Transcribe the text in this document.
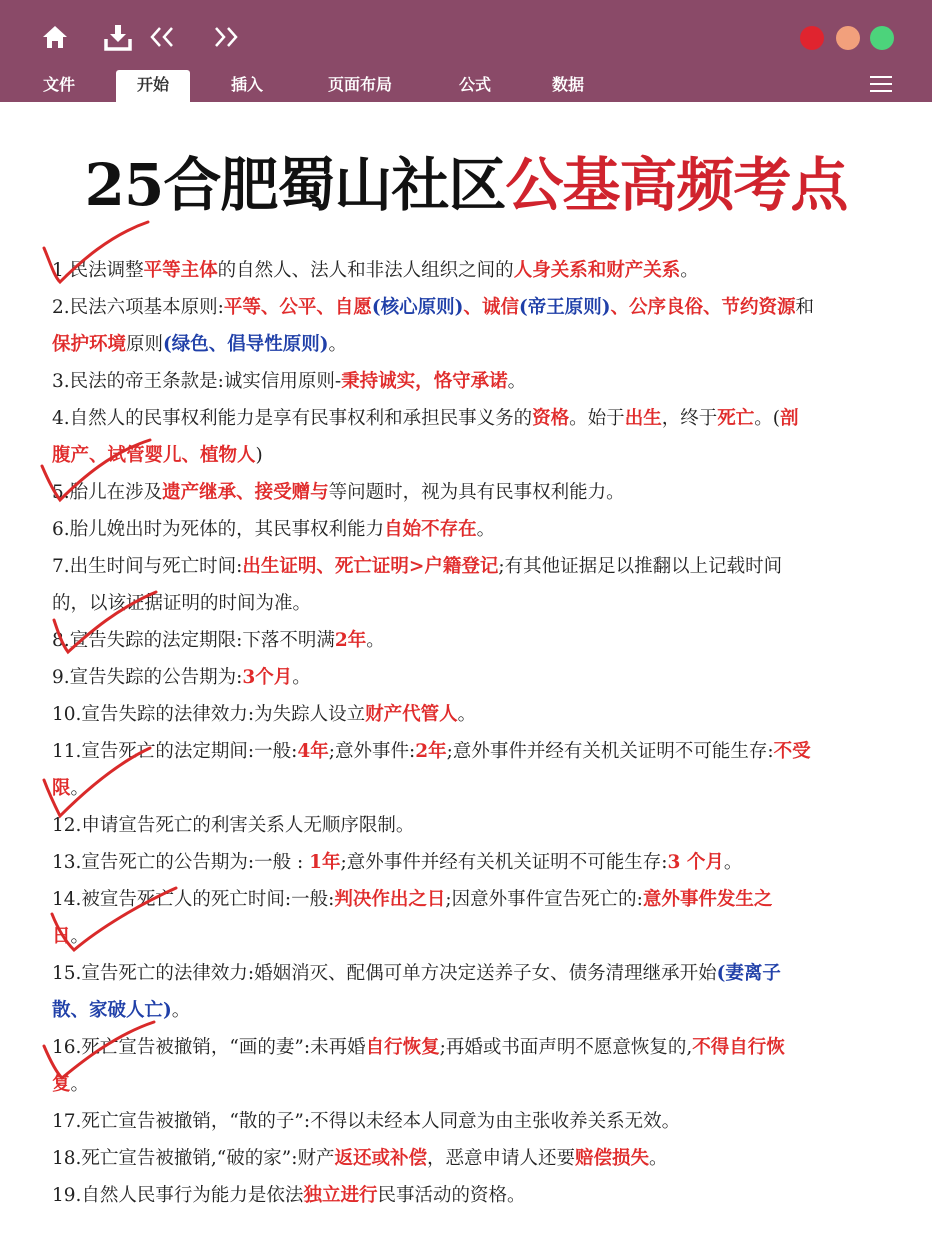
文件	开始	插入	页面布局	公式	数据
25合肥蜀山社区公基高频考点
1.民法调整平等主体的自然人、法人和非法人组织之间的人身关系和财产关系。
2.民法六项基本原则:平等、公平、自愿(核心原则)、诚信(帝王原则)、公序良俗、节约资源和
保护环境原则(绿色、倡导性原则)。
3.民法的帝王条款是:诚实信用原则-秉持诚实，恪守承诺。
4.自然人的民事权利能力是享有民事权利和承担民事义务的资格。始于出生，终于死亡。(剖
腹产、试管婴儿、植物人)
5.胎儿在涉及遗产继承、接受赠与等问题时，视为具有民事权利能力。
6.胎儿娩出时为死体的，其民事权利能力自始不存在。
7.出生时间与死亡时间:出生证明、死亡证明>户籍登记;有其他证据足以推翻以上记载时间
的，以该证据证明的时间为准。
8.宣告失踪的法定期限:下落不明满2年。
9.宣告失踪的公告期为:3个月。
10.宣告失踪的法律效力:为失踪人设立财产代管人。
11.宣告死亡的法定期间:一般:4年;意外事件:2年;意外事件并经有关机关证明不可能生存:不受
限。
12.申请宣告死亡的利害关系人无顺序限制。
13.宣告死亡的公告期为:一般 : 1年;意外事件并经有关机关证明不可能生存:3 个月。
14.被宣告死亡人的死亡时间:一般:判决作出之日;因意外事件宣告死亡的:意外事件发生之
日。
15.宣告死亡的法律效力:婚姻消灭、配偶可单方决定送养子女、债务清理继承开始(妻离子
散、家破人亡)。
16.死亡宣告被撤销，“画的妻”:未再婚自行恢复;再婚或书面声明不愿意恢复的,不得自行恢
复。
17.死亡宣告被撤销，“散的子”:不得以未经本人同意为由主张收养关系无效。
18.死亡宣告被撤销,“破的家”:财产返还或补偿，恶意申请人还要赔偿损失。
19.自然人民事行为能力是依法独立进行民事活动的资格。
